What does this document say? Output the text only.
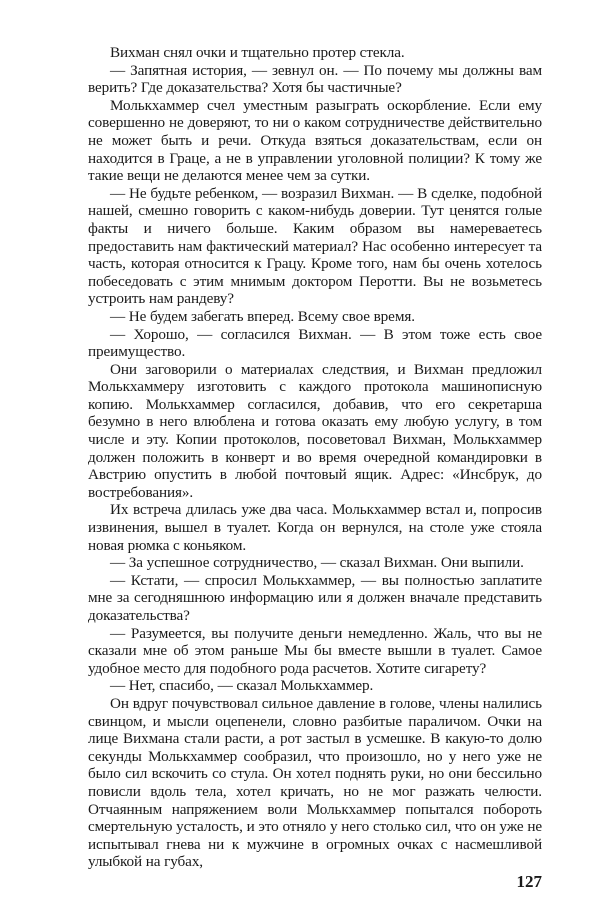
Вихман снял очки и тщательно протер стекла.

— Запятная история, — зевнул он. — По почему мы должны вам верить? Где доказательства? Хотя бы частичные?

Молькхаммер счел уместным разыграть оскорбление. Если ему совершенно не доверяют, то ни о каком сотрудничестве действительно не может быть и речи. Откуда взяться доказательствам, если он находится в Граце, а не в управлении уголовной полиции? К тому же такие вещи не делаются менее чем за сутки.

— Не будьте ребенком, — возразил Вихман. — В сделке, подобной нашей, смешно говорить с каком-нибудь доверии. Тут ценятся голые факты и ничего больше. Каким образом вы намереваетесь предоставить нам фактический материал? Нас особенно интересует та часть, которая относится к Грацу. Кроме того, нам бы очень хотелось побеседовать с этим мнимым доктором Перотти. Вы не возьметесь устроить нам рандеву?

— Не будем забегать вперед. Всему свое время.

— Хорошо, — согласился Вихман. — В этом тоже есть свое преимущество.

Они заговорили о материалах следствия, и Вихман предложил Молькхаммеру изготовить с каждого протокола машинописную копию. Молькхаммер согласился, добавив, что его секретарша безумно в него влюблена и готова оказать ему любую услугу, в том числе и эту. Копии протоколов, посоветовал Вихман, Молькхаммер должен положить в конверт и во время очередной командировки в Австрию опустить в любой почтовый ящик. Адрес: «Инсбрук, до востребования».

Их встреча длилась уже два часа. Молькхаммер встал и, попросив извинения, вышел в туалет. Когда он вернулся, на столе уже стояла новая рюмка с коньяком.

— За успешное сотрудничество, — сказал Вихман. Они выпили.

— Кстати, — спросил Молькхаммер, — вы полностью заплатите мне за сегодняшнюю информацию или я должен вначале представить доказательства?

— Разумеется, вы получите деньги немедленно. Жаль, что вы не сказали мне об этом раньше Мы бы вместе вышли в туалет. Самое удобное место для подобного рода расчетов. Хотите сигарету?

— Нет, спасибо, — сказал Молькхаммер.

Он вдруг почувствовал сильное давление в голове, члены налились свинцом, и мысли оцепенели, словно разбитые параличом. Очки на лице Вихмана стали расти, а рот застыл в усмешке. В какую-то долю секунды Молькхаммер сообразил, что произошло, но у него уже не было сил вскочить со стула. Он хотел поднять руки, но они бессильно повисли вдоль тела, хотел кричать, но не мог разжать челюсти. Отчаянным напряжением воли Молькхаммер попытался побороть смертельную усталость, и это отняло у него столько сил, что он уже не испытывал гнева ни к мужчине в огромных очках с насмешливой улыбкой на губах,

127
